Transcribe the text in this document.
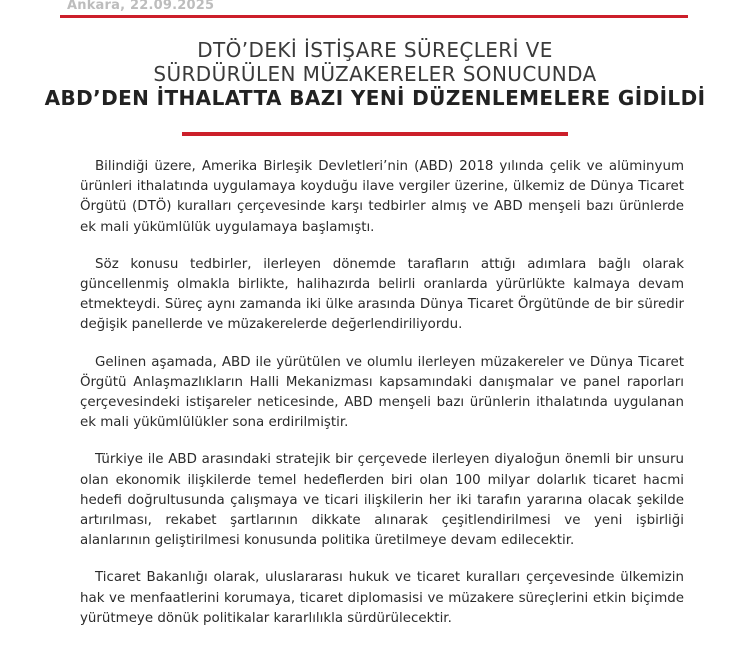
Ankara, 22.09.2025
DTÖ’DEKİ İSTİŞARE SÜREÇLERİ VE
SÜRDÜRÜLEN MÜZAKERELER SONUCUNDA
ABD’DEN İTHALATTA BAZI YENİ DÜZENLEMELERE GİDİLDİ

Bilindiği üzere, Amerika Birleşik Devletleri’nin (ABD) 2018 yılında çelik ve alüminyum ürünleri ithalatında uygulamaya koyduğu ilave vergiler üzerine, ülkemiz de Dünya Ticaret Örgütü (DTÖ) kuralları çerçevesinde karşı tedbirler almış ve ABD menşeli bazı ürünlerde ek mali yükümlülük uygulamaya başlamıştı.

Söz konusu tedbirler, ilerleyen dönemde tarafların attığı adımlara bağlı olarak güncellenmiş olmakla birlikte, halihazırda belirli oranlarda yürürlükte kalmaya devam etmekteydi. Süreç aynı zamanda iki ülke arasında Dünya Ticaret Örgütünde de bir süredir değişik panellerde ve müzakerelerde değerlendiriliyordu.

Gelinen aşamada, ABD ile yürütülen ve olumlu ilerleyen müzakereler ve Dünya Ticaret Örgütü Anlaşmazlıkların Halli Mekanizması kapsamındaki danışmalar ve panel raporları çerçevesindeki istişareler neticesinde, ABD menşeli bazı ürünlerin ithalatında uygulanan ek mali yükümlülükler sona erdirilmiştir.

Türkiye ile ABD arasındaki stratejik bir çerçevede ilerleyen diyaloğun önemli bir unsuru olan ekonomik ilişkilerde temel hedeflerden biri olan 100 milyar dolarlık ticaret hacmi hedefi doğrultusunda çalışmaya ve ticari ilişkilerin her iki tarafın yararına olacak şekilde artırılması, rekabet şartlarının dikkate alınarak çeşitlendirilmesi ve yeni işbirliği alanlarının geliştirilmesi konusunda politika üretilmeye devam edilecektir.

Ticaret Bakanlığı olarak, uluslararası hukuk ve ticaret kuralları çerçevesinde ülkemizin hak ve menfaatlerini korumaya, ticaret diplomasisi ve müzakere süreçlerini etkin biçimde yürütmeye dönük politikalar kararlılıkla sürdürülecektir.
